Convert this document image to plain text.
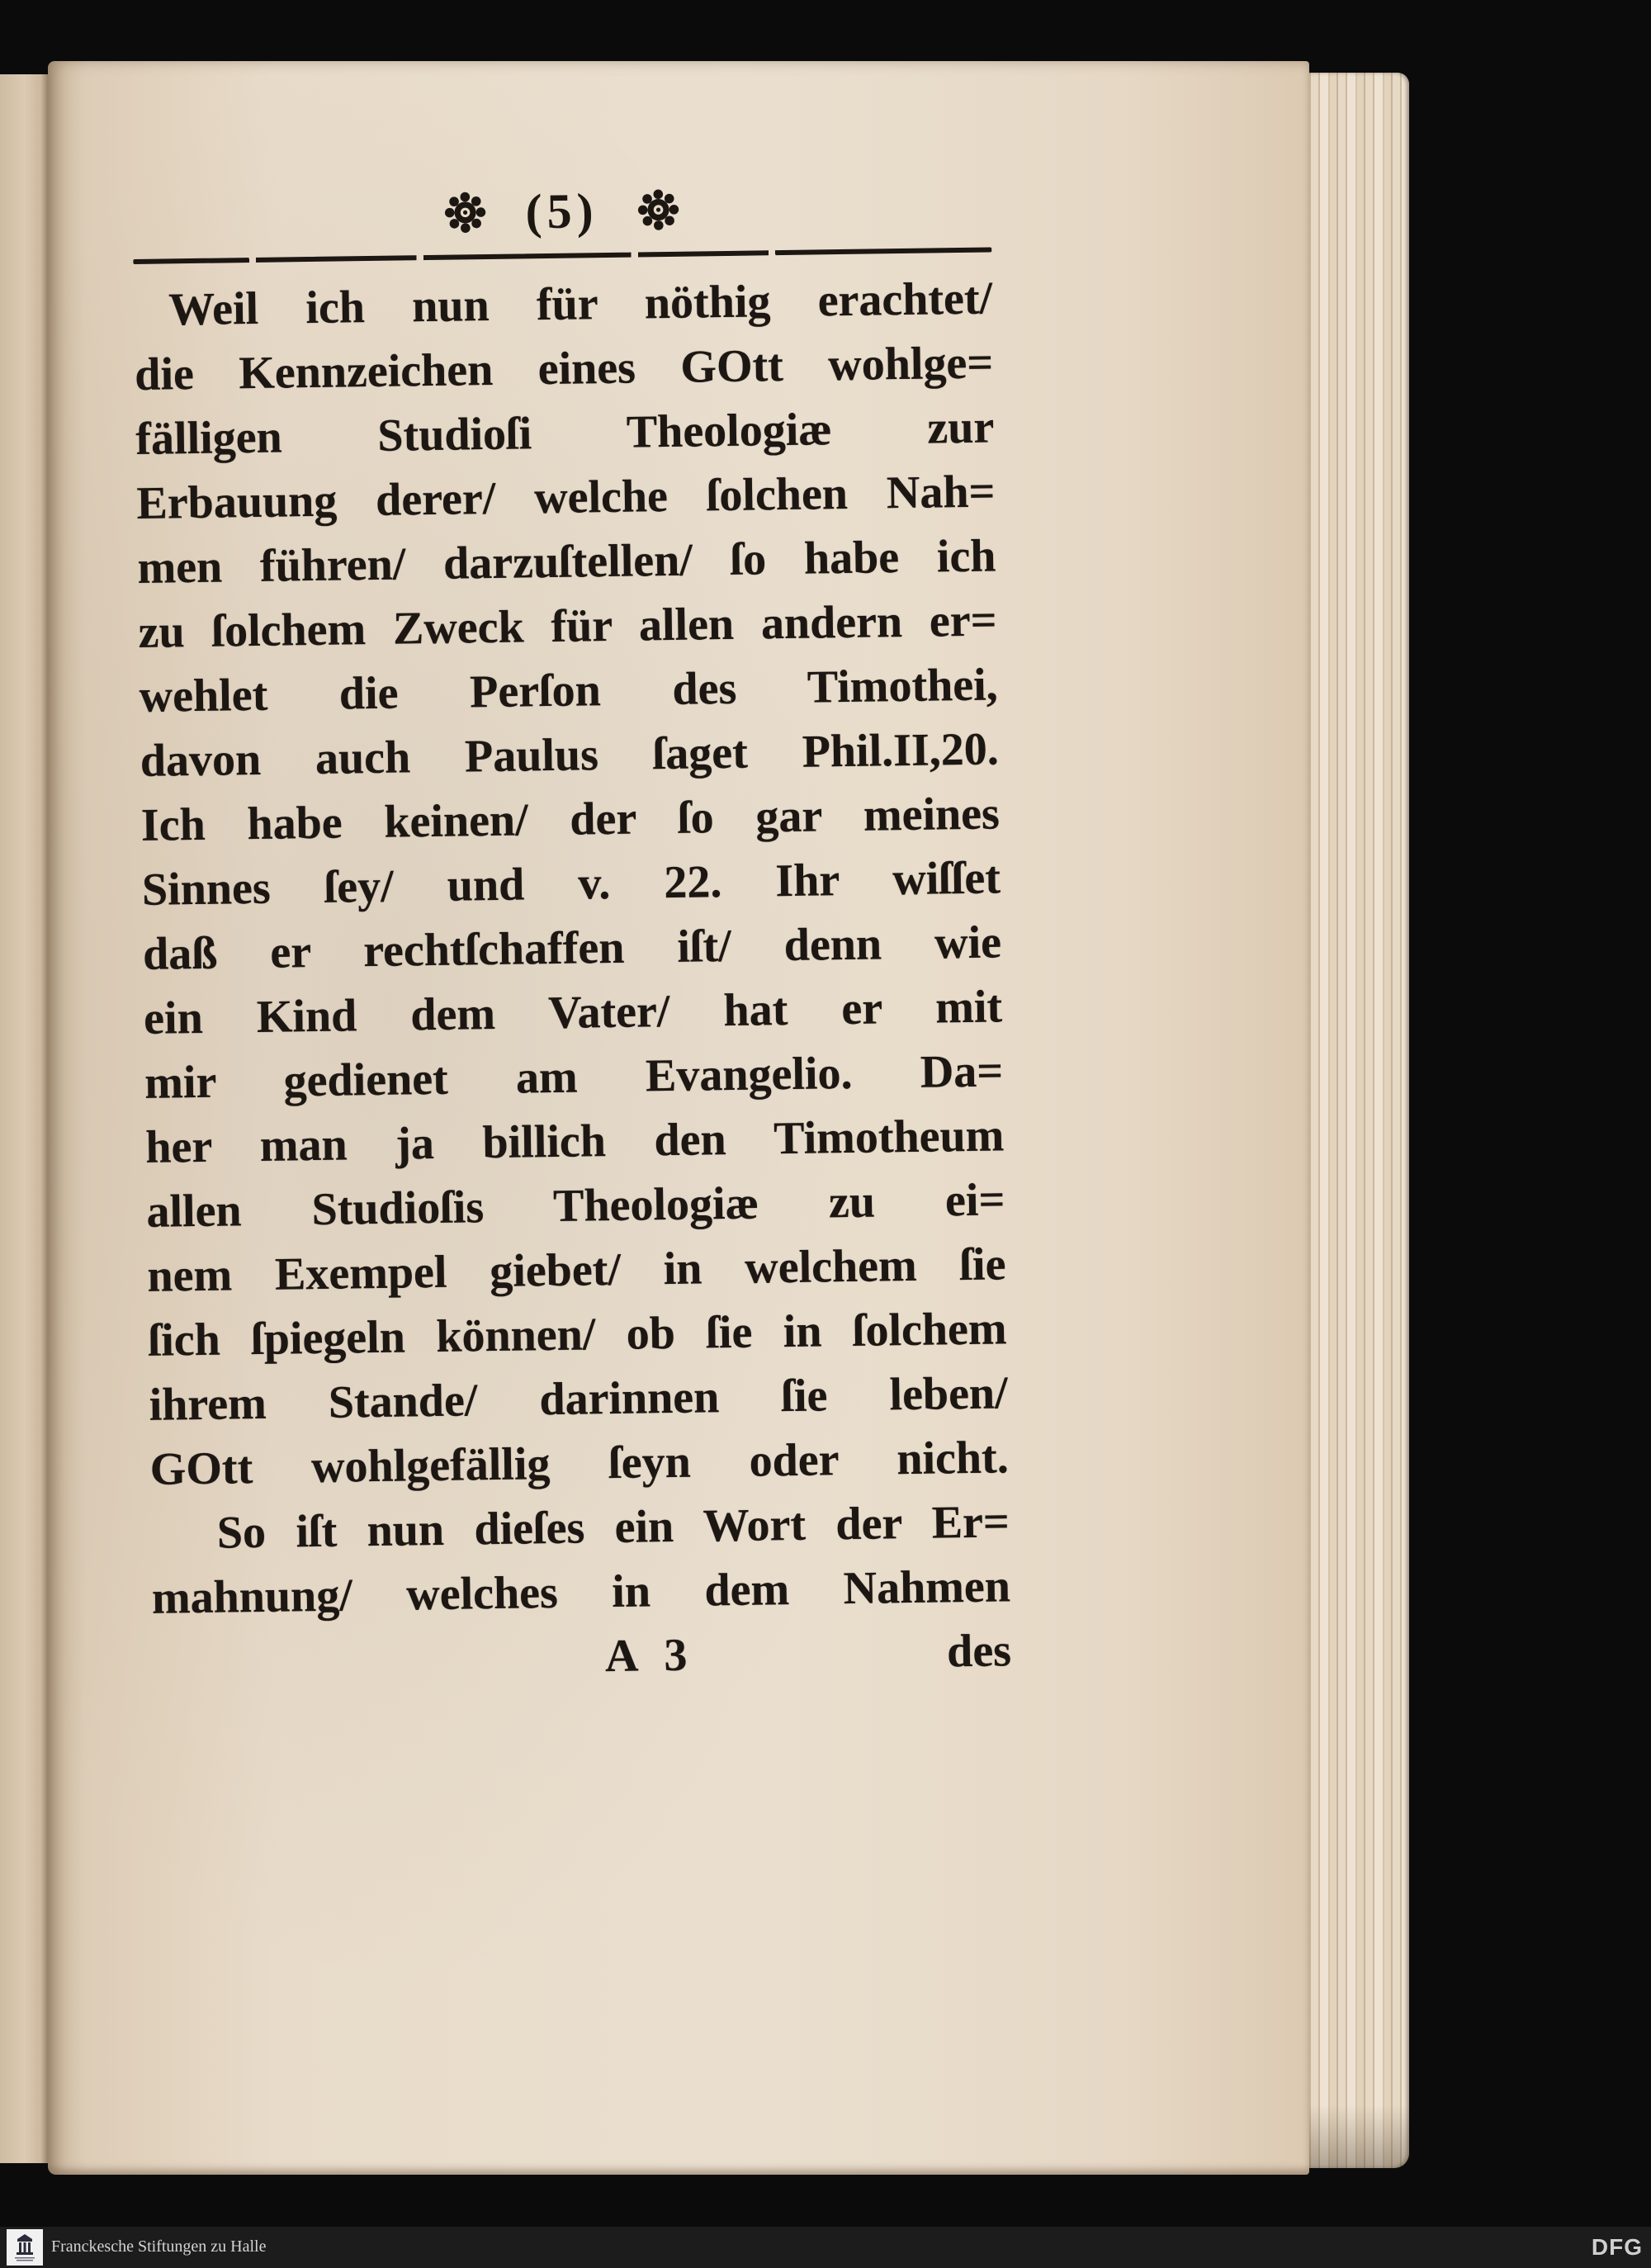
(5)
Weil ich nun für nöthig erachtet/
die Kennzeichen eines GOtt wohlge=
fälligen Studioſi Theologiæ zur
Erbauung derer/ welche ſolchen Nah=
men führen/ darzuſtellen/ ſo habe ich
zu ſolchem Zweck für allen andern er=
wehlet die Perſon des Timothei,
davon auch Paulus ſaget Phil.II,20.
Ich habe keinen/ der ſo gar meines
Sinnes ſey/ und v. 22. Ihr wiſſet
daß er rechtſchaffen iſt/ denn wie
ein Kind dem Vater/ hat er mit
mir gedienet am Evangelio. Da=
her man ja billich den Timotheum
allen Studioſis Theologiæ zu ei=
nem Exempel giebet/ in welchem ſie
ſich ſpiegeln können/ ob ſie in ſolchem
ihrem Stande/ darinnen ſie leben/
GOtt wohlgefällig ſeyn oder nicht.
So iſt nun dieſes ein Wort der Er=
mahnung/ welches in dem Nahmen
A 3	des
Franckesche Stiftungen zu Halle	DFG
